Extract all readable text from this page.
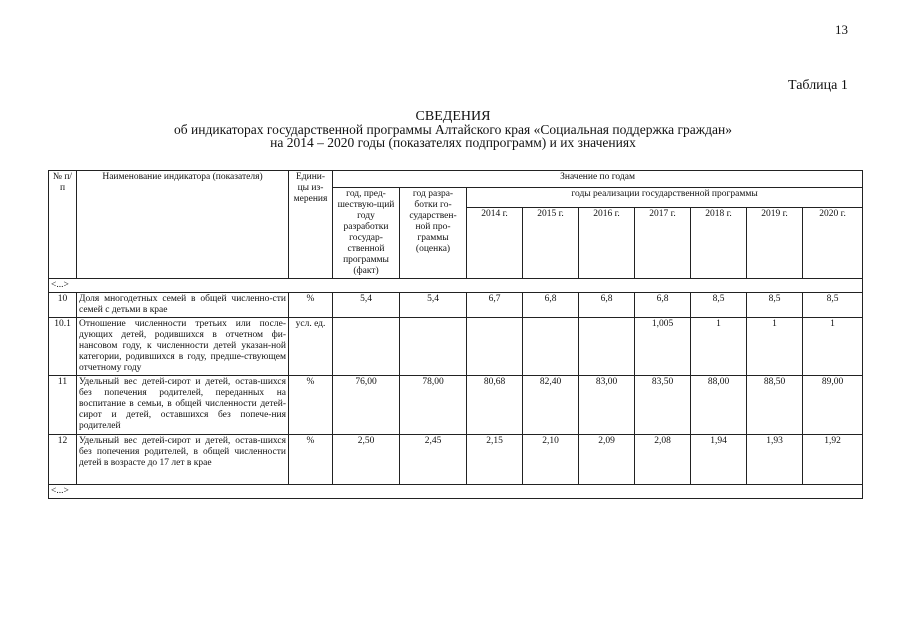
13
Таблица 1
СВЕДЕНИЯ
об индикаторах государственной программы Алтайского края «Социальная поддержка граждан»
на 2014 – 2020 годы (показателях подпрограмм) и их значениях
№ п/п	Наименование индикатора (показателя)	Едини-цы из-мерения	Значение по годам								
			год, пред-шествую-щий году разработки государ-ственной программы (факт)	год разра-ботки го-сударствен-ной про-граммы (оценка)	годы реализации государственной программы						
					2014 г.	2015 г.	2016 г.	2017 г.	2018 г.	2019 г.	2020 г.
<...>											
10	Доля многодетных семей в общей численно-сти семей с детьми в крае	%	5,4	5,4	6,7	6,8	6,8	6,8	8,5	8,5	8,5
10.1	Отношение численности третьих или после-дующих детей, родившихся в отчетном фи-нансовом году, к численности детей указан-ной категории, родившихся в году, предше-ствующем отчетному году	усл. ед.						1,005	1	1	1
11	Удельный вес детей-сирот и детей, остав-шихся без попечения родителей, переданных на воспитание в семьи, в общей численности детей-сирот и детей, оставшихся без попече-ния родителей	%	76,00	78,00	80,68	82,40	83,00	83,50	88,00	88,50	89,00
12	Удельный вес детей-сирот и детей, остав-шихся без попечения родителей, в общей численности детей в возрасте до 17 лет в крае	%	2,50	2,45	2,15	2,10	2,09	2,08	1,94	1,93	1,92
<...>											
